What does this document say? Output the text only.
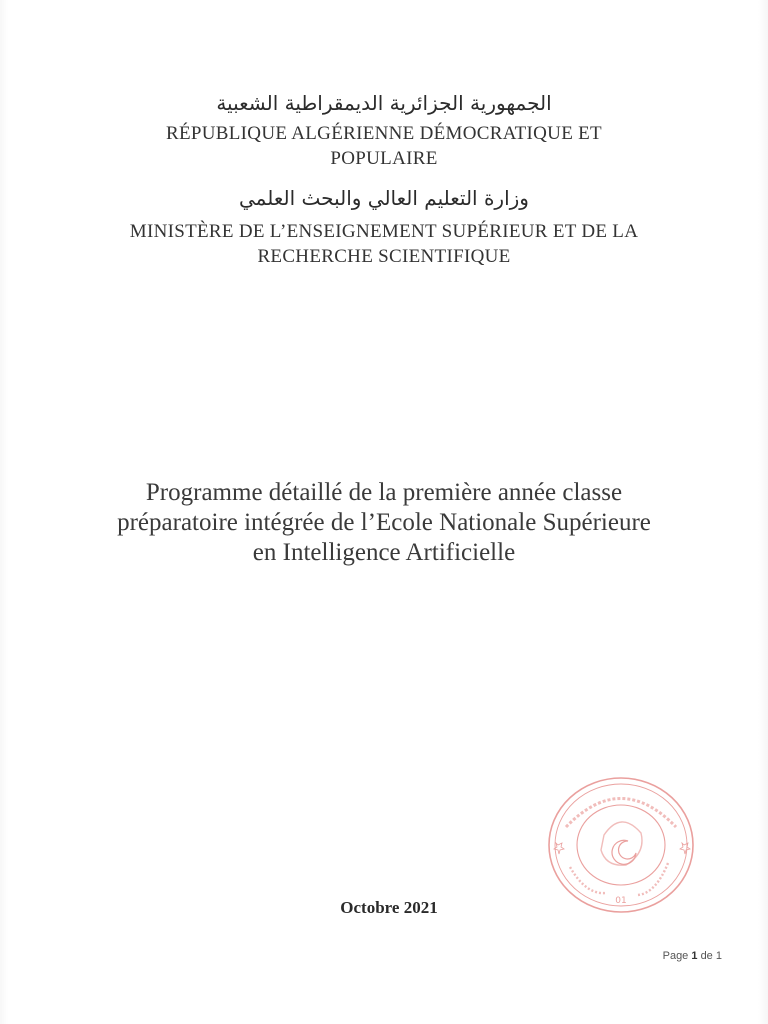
الجمهورية الجزائرية الديمقراطية الشعبية
RÉPUBLIQUE ALGÉRIENNE DÉMOCRATIQUE ET
POPULAIRE
وزارة التعليم العالي والبحث العلمي
MINISTÈRE DE L’ENSEIGNEMENT SUPÉRIEUR ET DE LA
RECHERCHE SCIENTIFIQUE
Programme détaillé de la première année classe
préparatoire intégrée de l’Ecole Nationale Supérieure
en Intelligence Artificielle
01
Octobre 2021
Page 1 de 1
